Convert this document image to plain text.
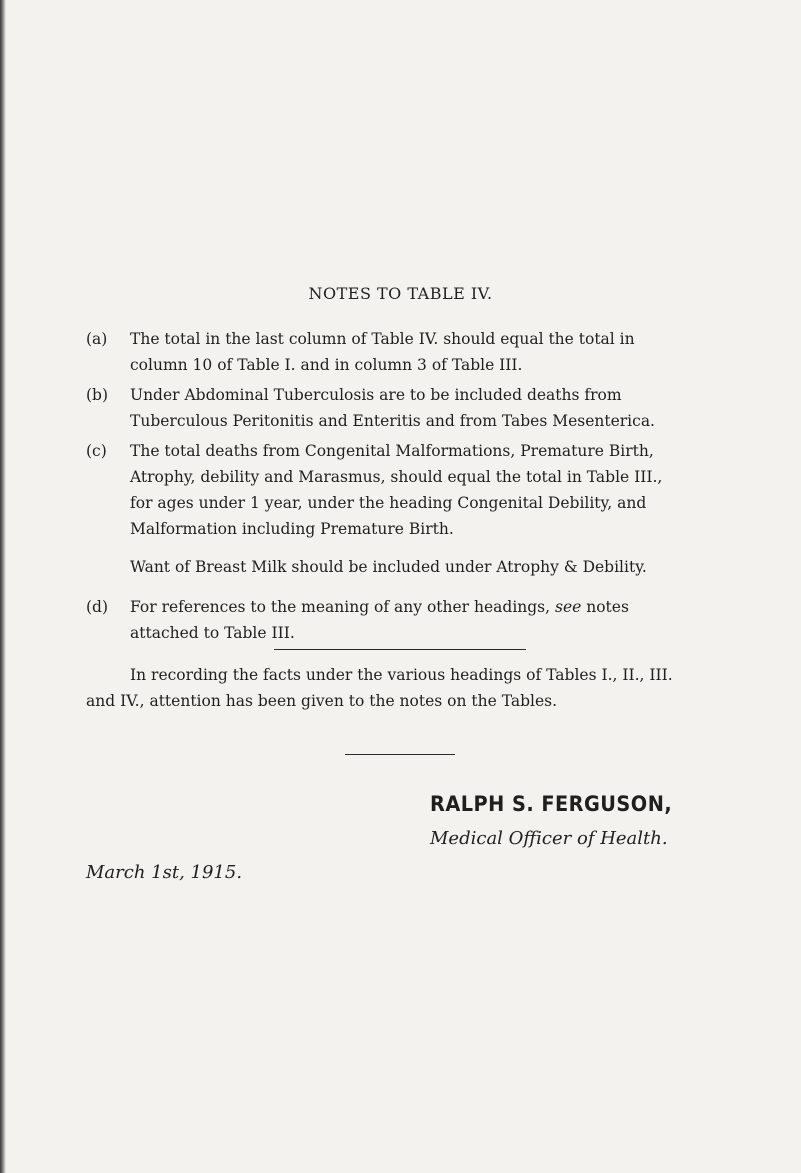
NOTES TO TABLE IV.
(a)	The total in the last column of Table IV. should equal the total in column 10 of Table I. and in column 3 of Table III.
(b)	Under Abdominal Tuberculosis are to be included deaths from Tuberculous Peritonitis and Enteritis and from Tabes Mesenterica.
(c)	The total deaths from Congenital Malformations, Premature Birth, Atrophy, debility and Marasmus, should equal the total in Table III., for ages under 1 year, under the heading Congenital Debility, and Malformation including Premature Birth.
Want of Breast Milk should be included under Atrophy & Debility.
(d)	For references to the meaning of any other headings, see notes attached to Table III.
In recording the facts under the various headings of Tables I., II., III. and IV., attention has been given to the notes on the Tables.
RALPH S. FERGUSON,
Medical Officer of Health.
March 1st, 1915.
